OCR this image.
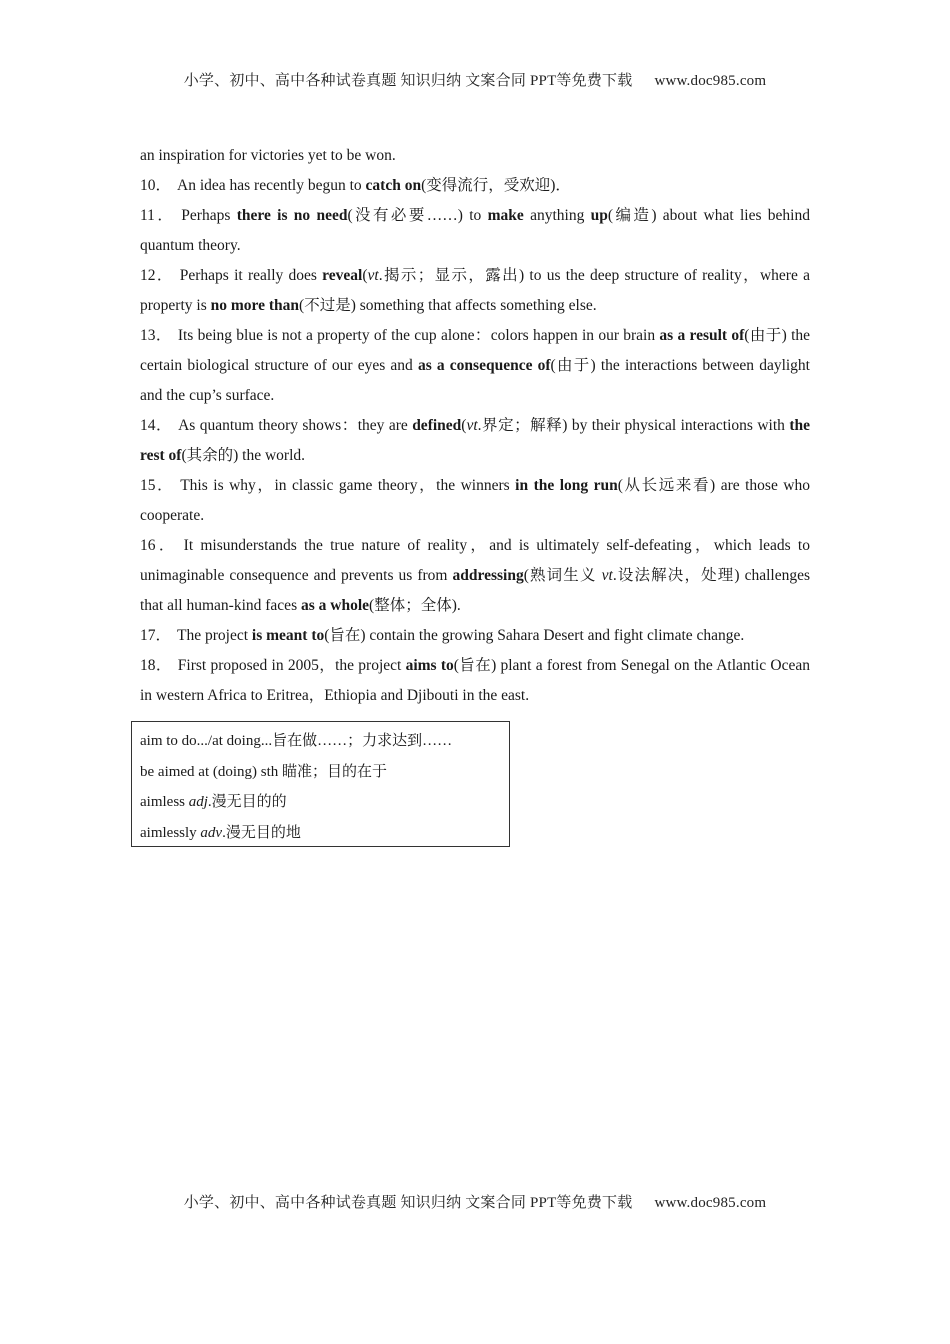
小学、初中、高中各种试卷真题 知识归纳 文案合同 PPT等免费下载 www.doc985.com

an inspiration for victories yet to be won.

10． An idea has recently begun to catch on(变得流行，受欢迎)．

11． Perhaps there is no need(没有必要……) to make anything up(编造) about what lies behind quantum theory.

12． Perhaps it really does reveal(vt.揭示；显示，露出) to us the deep structure of reality，where a property is no more than(不过是) something that affects something else.

13． Its being blue is not a property of the cup alone：colors happen in our brain as a result of(由于) the certain biological structure of our eyes and as a consequence of(由于) the interactions between daylight and the cup’s surface.

14． As quantum theory shows：they are defined(vt.界定；解释) by their physical interactions with the rest of(其余的) the world.

15． This is why，in classic game theory，the winners in the long run(从长远来看) are those who cooperate.

16． It misunderstands the true nature of reality，and is ultimately self-defeating，which leads to unimaginable consequence and prevents us from addressing(熟词生义 vt.设法解决，处理) challenges that all human-kind faces as a whole(整体；全体).

17． The project is meant to(旨在) contain the growing Sahara Desert and fight climate change.

18． First proposed in 2005，the project aims to(旨在) plant a forest from Senegal on the Atlantic Ocean in western Africa to Eritrea，Ethiopia and Djibouti in the east.

aim to do.../at doing...旨在做……；力求达到……
be aimed at (doing) sth 瞄准；目的在于
aimless adj.漫无目的的
aimlessly adv.漫无目的地
小学、初中、高中各种试卷真题 知识归纳 文案合同 PPT等免费下载 www.doc985.com
